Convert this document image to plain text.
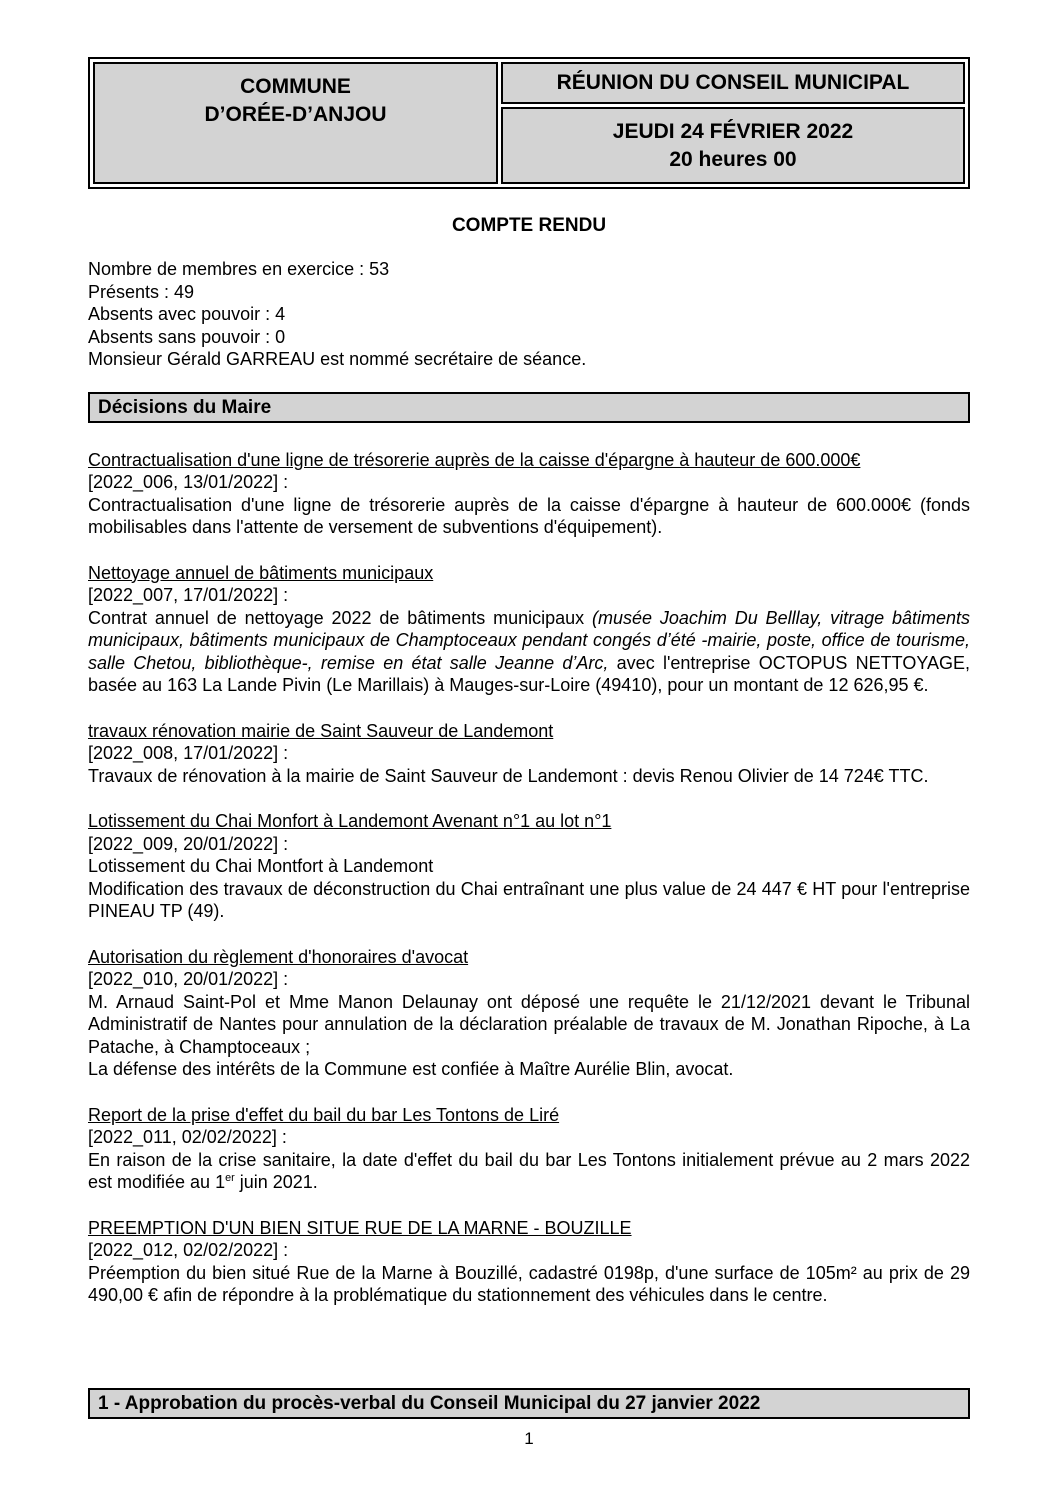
COMMUNE
D’ORÉE-D’ANJOU
RÉUNION DU CONSEIL MUNICIPAL
JEUDI 24 FÉVRIER 2022
20 heures 00
COMPTE RENDU
Nombre de membres en exercice : 53
Présents : 49
Absents avec pouvoir : 4
Absents sans pouvoir : 0
Monsieur Gérald GARREAU est nommé secrétaire de séance.
Décisions du Maire
Contractualisation d'une ligne de trésorerie auprès de la caisse d'épargne à hauteur de 600.000€
[2022_006, 13/01/2022] :

Contractualisation d'une ligne de trésorerie auprès de la caisse d'épargne à hauteur de 600.000€ (fonds mobilisables dans l'attente de versement de subventions d'équipement).

Nettoyage annuel de bâtiments municipaux
[2022_007, 17/01/2022] :

Contrat annuel de nettoyage 2022 de bâtiments municipaux (musée Joachim Du Belllay, vitrage bâtiments municipaux, bâtiments municipaux de Champtoceaux pendant congés d’été -mairie, poste, office de tourisme, salle Chetou, bibliothèque-, remise en état salle Jeanne d’Arc, avec l'entreprise OCTOPUS NETTOYAGE, basée au 163 La Lande Pivin (Le Marillais) à Mauges-sur-Loire (49410), pour un montant de 12 626,95 €.

travaux rénovation mairie de Saint Sauveur de Landemont
[2022_008, 17/01/2022] :

Travaux de rénovation à la mairie de Saint Sauveur de Landemont : devis Renou Olivier de 14 724€ TTC.

Lotissement du Chai Monfort à Landemont Avenant n°1 au lot n°1
[2022_009, 20/01/2022] :

Lotissement du Chai Montfort à Landemont

Modification des travaux de déconstruction du Chai entraînant une plus value de 24 447 € HT pour l'entreprise PINEAU TP (49).

Autorisation du règlement d'honoraires d'avocat
[2022_010, 20/01/2022] :

M. Arnaud Saint-Pol et Mme Manon Delaunay ont déposé une requête le 21/12/2021 devant le Tribunal Administratif de Nantes pour annulation de la déclaration préalable de travaux de M. Jonathan Ripoche, à La Patache, à Champtoceaux ;

La défense des intérêts de la Commune est confiée à Maître Aurélie Blin, avocat.

Report de la prise d'effet du bail du bar Les Tontons de Liré
[2022_011, 02/02/2022] :

En raison de la crise sanitaire, la date d'effet du bail du bar Les Tontons initialement prévue au 2 mars 2022 est modifiée au 1er juin 2021.

PREEMPTION D'UN BIEN SITUE RUE DE LA MARNE - BOUZILLE
[2022_012, 02/02/2022] :

Préemption du bien situé Rue de la Marne à Bouzillé, cadastré 0198p, d'une surface de 105m² au prix de 29 490,00 € afin de répondre à la problématique du stationnement des véhicules dans le centre.

1 - Approbation du procès-verbal du Conseil Municipal du 27 janvier 2022
1
